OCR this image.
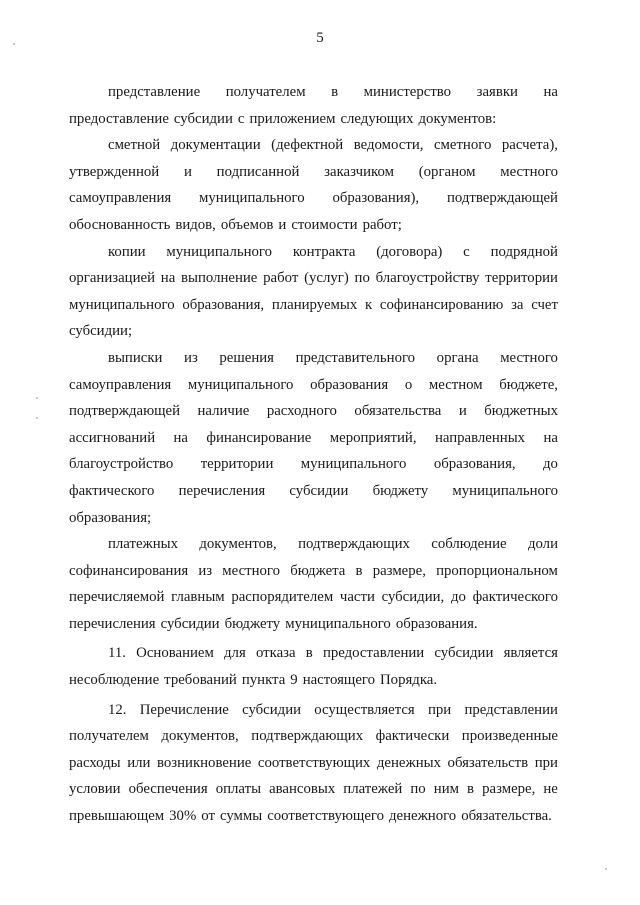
5
представление получателем в министерство заявки на
предоставление субсидии с приложением следующих документов:
сметной документации (дефектной ведомости, сметного расчета),
утвержденной и подписанной заказчиком (органом местного
самоуправления муниципального образования), подтверждающей
обоснованность видов, объемов и стоимости работ;
копии муниципального контракта (договора) с подрядной
организацией на выполнение работ (услуг) по благоустройству территории
муниципального образования, планируемых к софинансированию за счет
субсидии;
выписки из решения представительного органа местного
самоуправления муниципального образования о местном бюджете,
подтверждающей наличие расходного обязательства и бюджетных
ассигнований на финансирование мероприятий, направленных на
благоустройство территории муниципального образования, до
фактического перечисления субсидии бюджету муниципального
образования;
платежных документов, подтверждающих соблюдение доли
софинансирования из местного бюджета в размере, пропорциональном
перечисляемой главным распорядителем части субсидии, до фактического
перечисления субсидии бюджету муниципального образования.
11. Основанием для отказа в предоставлении субсидии является
несоблюдение требований пункта 9 настоящего Порядка.
12. Перечисление субсидии осуществляется при представлении
получателем документов, подтверждающих фактически произведенные
расходы или возникновение соответствующих денежных обязательств при
условии обеспечения оплаты авансовых платежей по ним в размере, не
превышающем 30% от суммы соответствующего денежного обязательства.
